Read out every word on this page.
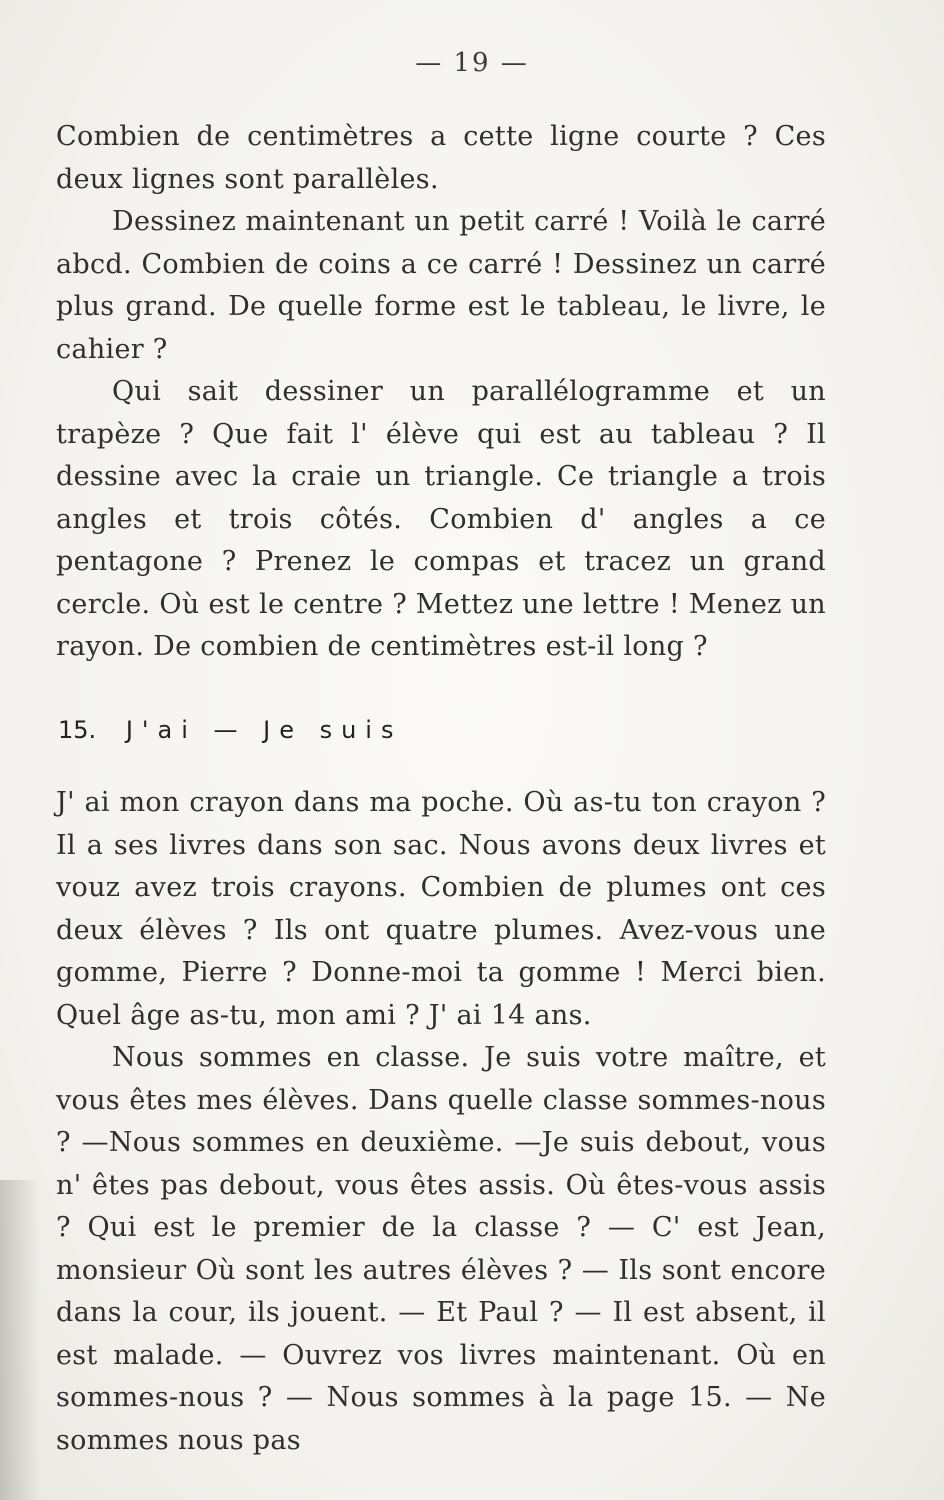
— 19 —

Combien de centimètres a cette ligne courte ? Ces deux lignes sont parallèles.

Dessinez maintenant un petit carré ! Voilà le carré abcd. Combien de coins a ce carré ! Dessinez un carré plus grand. De quelle forme est le tableau, le livre, le cahier ?

Qui sait dessiner un parallélogramme et un trapèze ? Que fait l' élève qui est au tableau ? Il dessine avec la craie un triangle. Ce triangle a trois angles et trois côtés. Combien d' angles a ce pentagone ? Prenez le compas et tracez un grand cercle. Où est le centre ? Mettez une lettre ! Menez un rayon. De combien de centimètres est-il long ?

15. J'ai — Je suis

J' ai mon crayon dans ma poche. Où as-tu ton crayon ? Il a ses livres dans son sac. Nous avons deux livres et vouz avez trois crayons. Combien de plumes ont ces deux élèves ? Ils ont quatre plumes. Avez-vous une gomme, Pierre ? Donne-moi ta gomme ! Merci bien. Quel âge as-tu, mon ami ? J' ai 14 ans.

Nous sommes en classe. Je suis votre maître, et vous êtes mes élèves. Dans quelle classe sommes-nous ? —Nous sommes en deuxième. —Je suis debout, vous n' êtes pas debout, vous êtes assis. Où êtes-vous assis ? Qui est le premier de la classe ? — C' est Jean, monsieur Où sont les autres élèves ? — Ils sont encore dans la cour, ils jouent. — Et Paul ? — Il est absent, il est malade. — Ouvrez vos livres maintenant. Où en sommes-nous ? — Nous sommes à la page 15. — Ne sommes nous pas
